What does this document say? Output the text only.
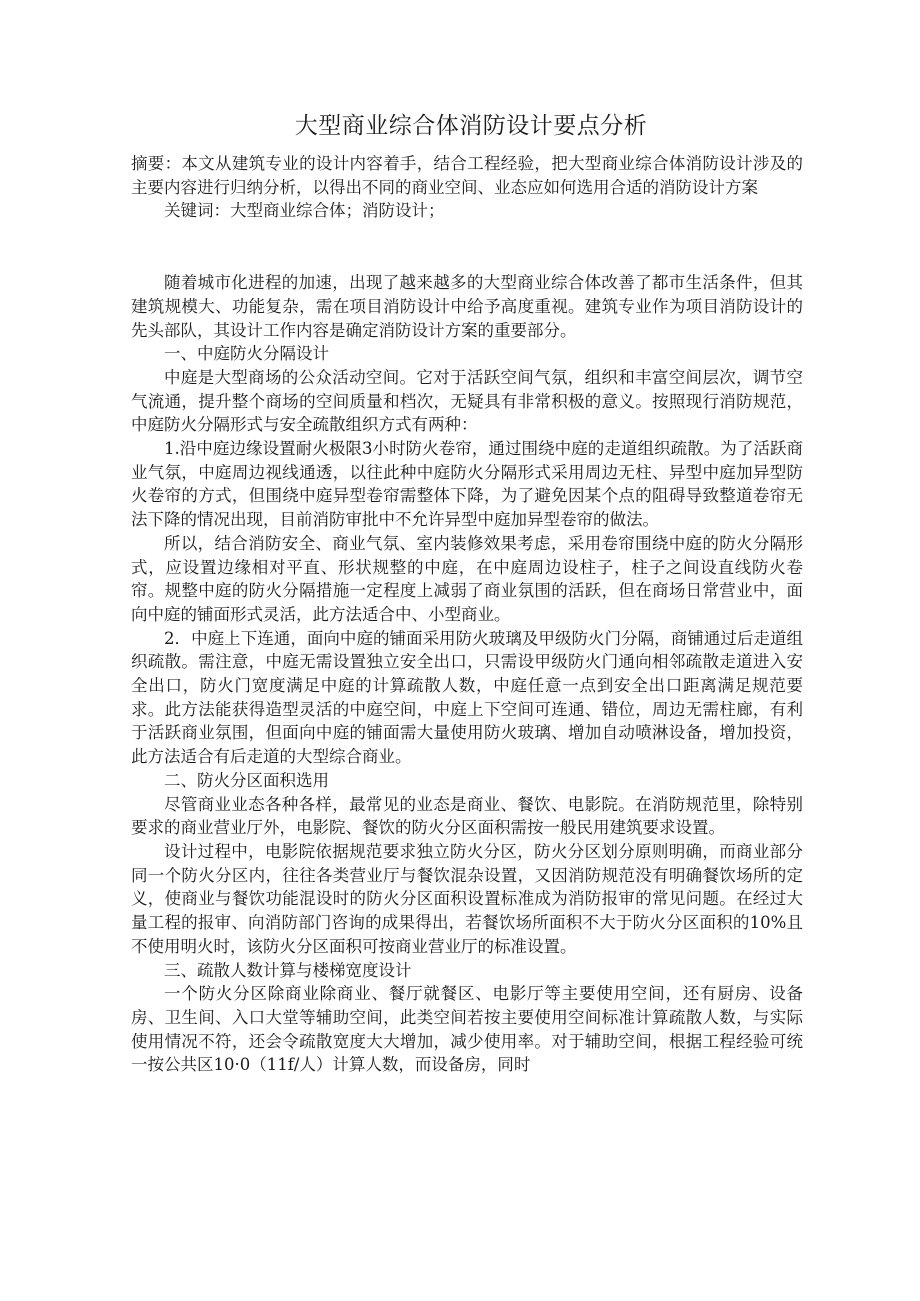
大型商业综合体消防设计要点分析

摘要：本文从建筑专业的设计内容着手，结合工程经验，把大型商业综合体消防设计涉及的主要内容进行归纳分析，以得出不同的商业空间、业态应如何选用合适的消防设计方案

关键词：大型商业综合体；消防设计；

随着城市化进程的加速，出现了越来越多的大型商业综合体改善了都市生活条件，但其建筑规模大、功能复杂，需在项目消防设计中给予高度重视。建筑专业作为项目消防设计的先头部队，其设计工作内容是确定消防设计方案的重要部分。

一、中庭防火分隔设计

中庭是大型商场的公众活动空间。它对于活跃空间气氛，组织和丰富空间层次，调节空气流通，提升整个商场的空间质量和档次，无疑具有非常积极的意义。按照现行消防规范，中庭防火分隔形式与安全疏散组织方式有两种：

1.沿中庭边缘设置耐火极限3小时防火卷帘，通过围绕中庭的走道组织疏散。为了活跃商业气氛，中庭周边视线通透，以往此种中庭防火分隔形式采用周边无柱、异型中庭加异型防火卷帘的方式，但围绕中庭异型卷帘需整体下降，为了避免因某个点的阻碍导致整道卷帘无法下降的情况出现，目前消防审批中不允许异型中庭加异型卷帘的做法。

所以，结合消防安全、商业气氛、室内装修效果考虑，采用卷帘围绕中庭的防火分隔形式，应设置边缘相对平直、形状规整的中庭，在中庭周边设柱子，柱子之间设直线防火卷帘。规整中庭的防火分隔措施一定程度上减弱了商业氛围的活跃，但在商场日常营业中，面向中庭的铺面形式灵活，此方法适合中、小型商业。

2．中庭上下连通，面向中庭的铺面采用防火玻璃及甲级防火门分隔，商铺通过后走道组织疏散。需注意，中庭无需设置独立安全出口，只需设甲级防火门通向相邻疏散走道进入安全出口，防火门宽度满足中庭的计算疏散人数，中庭任意一点到安全出口距离满足规范要求。此方法能获得造型灵活的中庭空间，中庭上下空间可连通、错位，周边无需柱廊，有利于活跃商业氛围，但面向中庭的铺面需大量使用防火玻璃、增加自动喷淋设备，增加投资，此方法适合有后走道的大型综合商业。

二、防火分区面积选用

尽管商业业态各种各样，最常见的业态是商业、餐饮、电影院。在消防规范里，除特别要求的商业营业厅外，电影院、餐饮的防火分区面积需按一般民用建筑要求设置。

设计过程中，电影院依据规范要求独立防火分区，防火分区划分原则明确，而商业部分同一个防火分区内，往往各类营业厅与餐饮混杂设置，又因消防规范没有明确餐饮场所的定义，使商业与餐饮功能混设时的防火分区面积设置标准成为消防报审的常见问题。在经过大量工程的报审、向消防部门咨询的成果得出，若餐饮场所面积不大于防火分区面积的10%且不使用明火时，该防火分区面积可按商业营业厅的标准设置。

三、疏散人数计算与楼梯宽度设计

一个防火分区除商业除商业、餐厅就餐区、电影厅等主要使用空间，还有厨房、设备房、卫生间、入口大堂等辅助空间，此类空间若按主要使用空间标准计算疏散人数，与实际使用情况不符，还会令疏散宽度大大增加，减少使用率。对于辅助空间，根据工程经验可统一按公共区10·0（11f/人）计算人数，而设备房，同时
